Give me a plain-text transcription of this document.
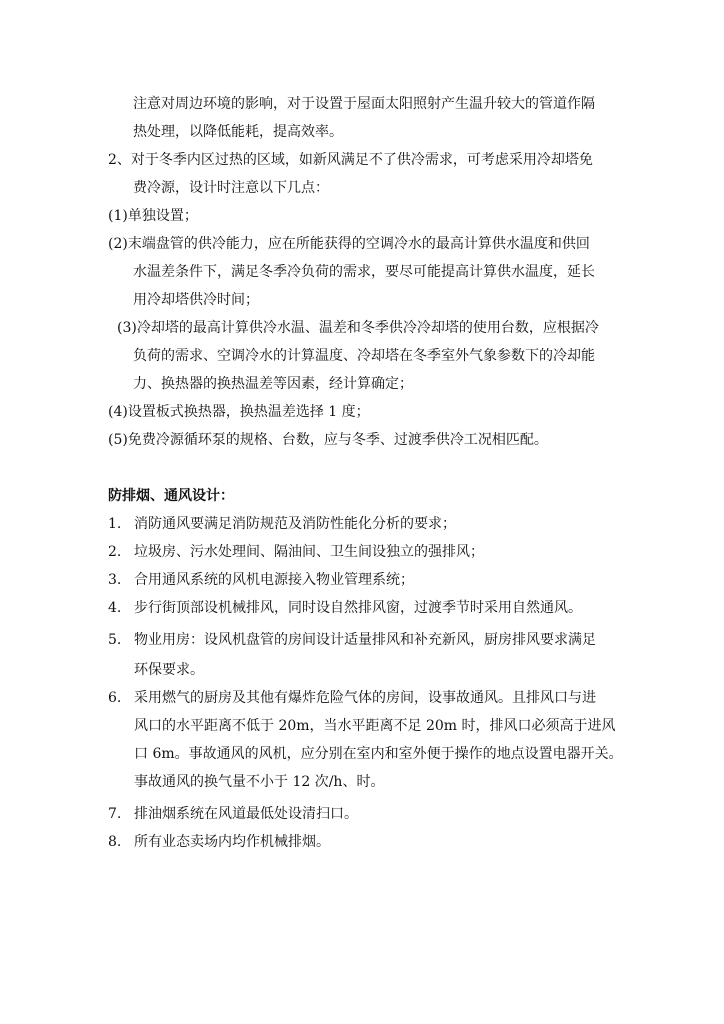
注意对周边环境的影响，对于设置于屋面太阳照射产生温升较大的管道作隔
热处理，以降低能耗，提高效率。
2、对于冬季内区过热的区域，如新风满足不了供冷需求，可考虑采用冷却塔免
费冷源，设计时注意以下几点：
(1)单独设置；
(2)末端盘管的供冷能力，应在所能获得的空调冷水的最高计算供水温度和供回
水温差条件下，满足冬季冷负荷的需求，要尽可能提高计算供水温度，延长
用冷却塔供冷时间；
(3)冷却塔的最高计算供冷水温、温差和冬季供冷冷却塔的使用台数，应根据冷
负荷的需求、空调冷水的计算温度、冷却塔在冬季室外气象参数下的冷却能
力、换热器的换热温差等因素，经计算确定；
(4)设置板式换热器，换热温差选择 1 度；
(5)免费冷源循环泵的规格、台数，应与冬季、过渡季供冷工况相匹配。
防排烟、通风设计：
1. 消防通风要满足消防规范及消防性能化分析的要求；
2. 垃圾房、污水处理间、隔油间、卫生间设独立的强排风；
3. 合用通风系统的风机电源接入物业管理系统；
4. 步行街顶部设机械排风，同时设自然排风窗，过渡季节时采用自然通风。
5. 物业用房：设风机盘管的房间设计适量排风和补充新风，厨房排风要求满足
环保要求。
6. 采用燃气的厨房及其他有爆炸危险气体的房间，设事故通风。且排风口与进
风口的水平距离不低于 20m，当水平距离不足 20m 时，排风口必须高于进风
口 6m。事故通风的风机，应分别在室内和室外便于操作的地点设置电器开关。
事故通风的换气量不小于 12 次/h、时。
7. 排油烟系统在风道最低处设清扫口。
8. 所有业态卖场内均作机械排烟。
